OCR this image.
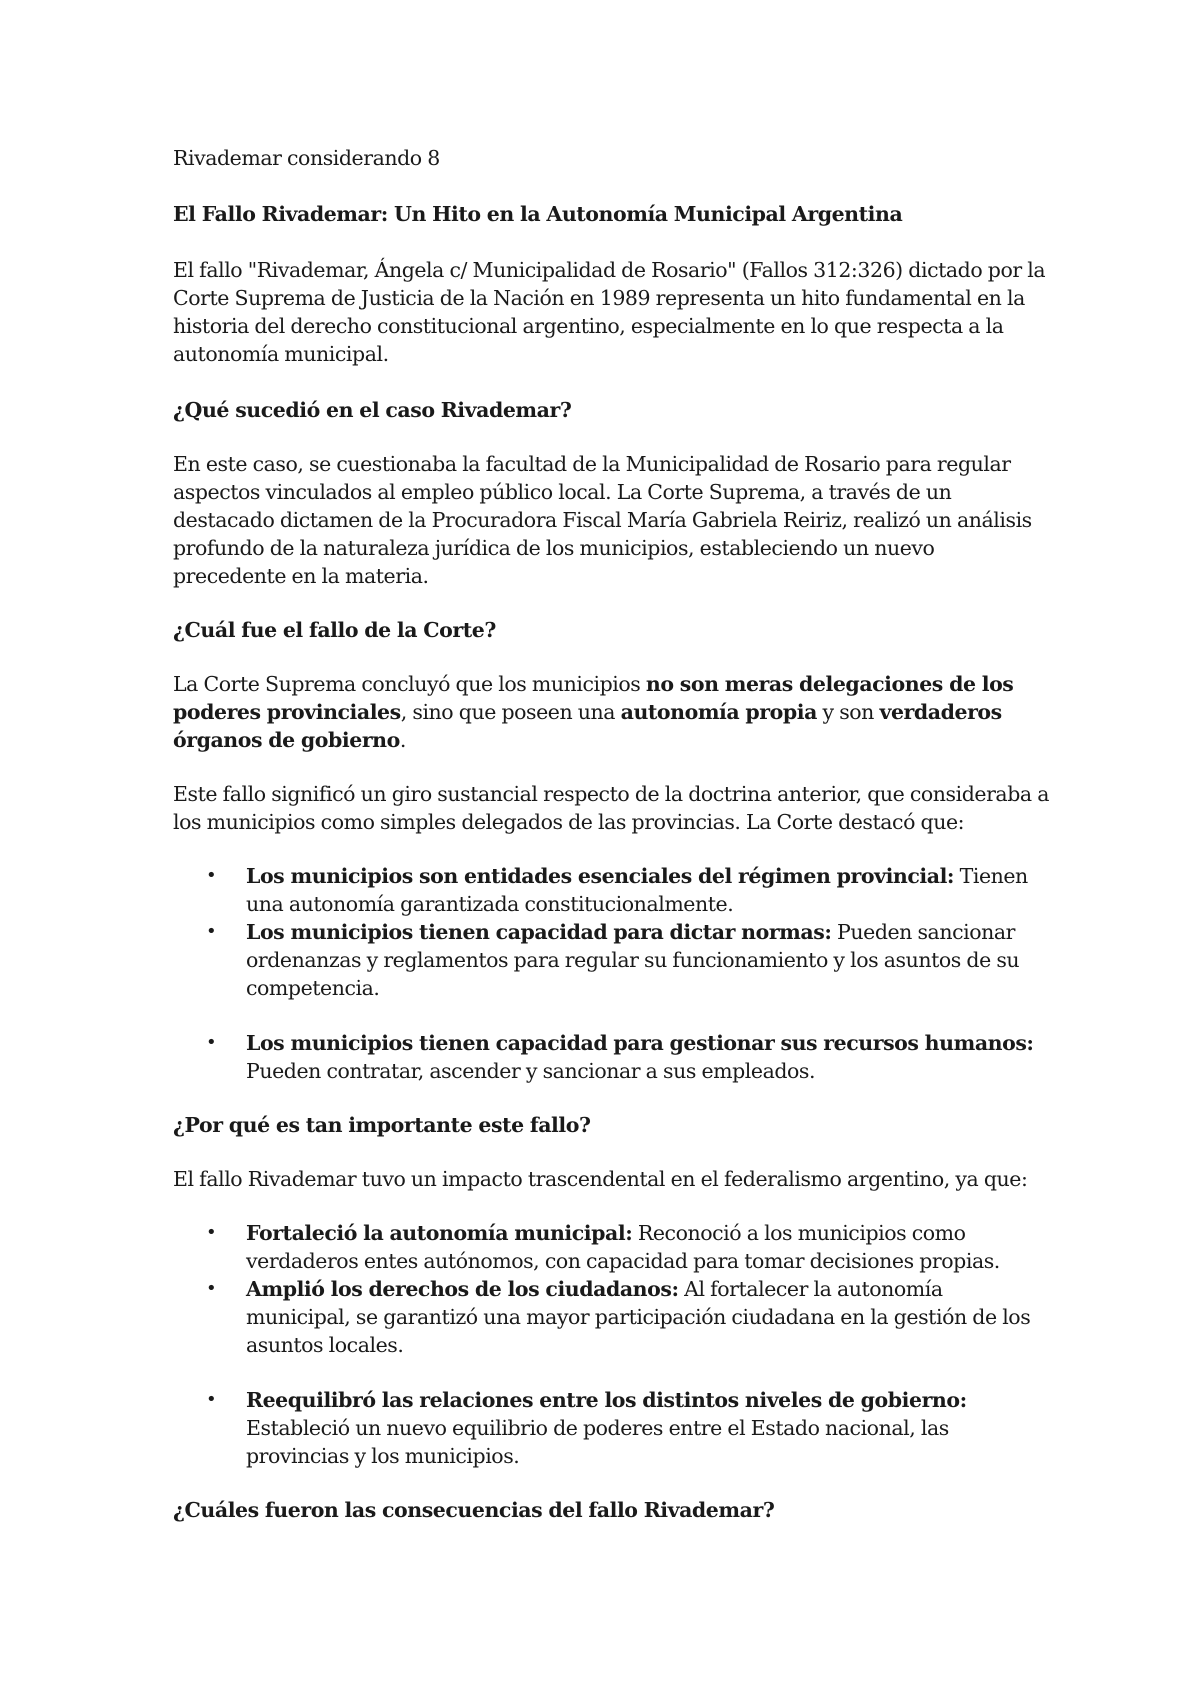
Rivademar considerando 8

El Fallo Rivademar: Un Hito en la Autonomía Municipal Argentina

El fallo "Rivademar, Ángela c/ Municipalidad de Rosario" (Fallos 312:326) dictado por la Corte Suprema de Justicia de la Nación en 1989 representa un hito fundamental en la historia del derecho constitucional argentino, especialmente en lo que respecta a la autonomía municipal.

¿Qué sucedió en el caso Rivademar?

En este caso, se cuestionaba la facultad de la Municipalidad de Rosario para regular aspectos vinculados al empleo público local. La Corte Suprema, a través de un destacado dictamen de la Procuradora Fiscal María Gabriela Reiriz, realizó un análisis profundo de la naturaleza jurídica de los municipios, estableciendo un nuevo precedente en la materia.

¿Cuál fue el fallo de la Corte?

La Corte Suprema concluyó que los municipios no son meras delegaciones de los poderes provinciales, sino que poseen una autonomía propia y son verdaderos órganos de gobierno.

Este fallo significó un giro sustancial respecto de la doctrina anterior, que consideraba a los municipios como simples delegados de las provincias. La Corte destacó que:

• Los municipios son entidades esenciales del régimen provincial: Tienen una autonomía garantizada constitucionalmente.
• Los municipios tienen capacidad para dictar normas: Pueden sancionar ordenanzas y reglamentos para regular su funcionamiento y los asuntos de su competencia.
• Los municipios tienen capacidad para gestionar sus recursos humanos: Pueden contratar, ascender y sancionar a sus empleados.
¿Por qué es tan importante este fallo?

El fallo Rivademar tuvo un impacto trascendental en el federalismo argentino, ya que:

• Fortaleció la autonomía municipal: Reconoció a los municipios como verdaderos entes autónomos, con capacidad para tomar decisiones propias.
• Amplió los derechos de los ciudadanos: Al fortalecer la autonomía municipal, se garantizó una mayor participación ciudadana en la gestión de los asuntos locales.
• Reequilibró las relaciones entre los distintos niveles de gobierno: Estableció un nuevo equilibrio de poderes entre el Estado nacional, las provincias y los municipios.
¿Cuáles fueron las consecuencias del fallo Rivademar?
